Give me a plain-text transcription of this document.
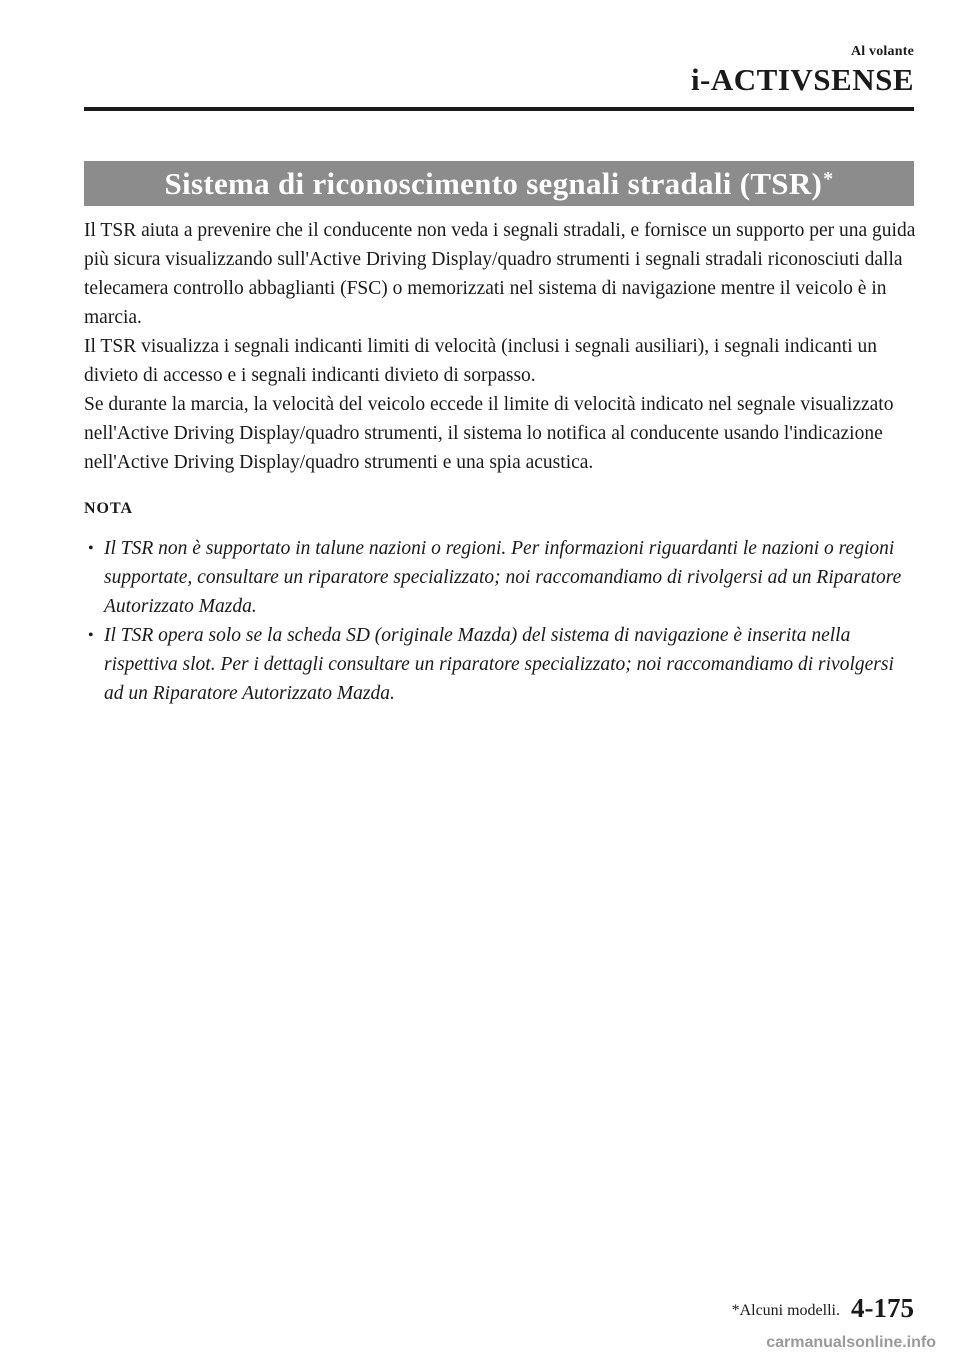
Al volante
i-ACTIVSENSE
Sistema di riconoscimento segnali stradali (TSR)*

Il TSR aiuta a prevenire che il conducente non veda i segnali stradali, e fornisce un supporto per una guida più sicura visualizzando sull'Active Driving Display/quadro strumenti i segnali stradali riconosciuti dalla telecamera controllo abbaglianti (FSC) o memorizzati nel sistema di navigazione mentre il veicolo è in marcia.

Il TSR visualizza i segnali indicanti limiti di velocità (inclusi i segnali ausiliari), i segnali indicanti un divieto di accesso e i segnali indicanti divieto di sorpasso.

Se durante la marcia, la velocità del veicolo eccede il limite di velocità indicato nel segnale visualizzato nell'Active Driving Display/quadro strumenti, il sistema lo notifica al conducente usando l'indicazione nell'Active Driving Display/quadro strumenti e una spia acustica.

NOTA
• Il TSR non è supportato in talune nazioni o regioni. Per informazioni riguardanti le nazioni o regioni supportate, consultare un riparatore specializzato; noi raccomandiamo di rivolgersi ad un Riparatore Autorizzato Mazda.
• Il TSR opera solo se la scheda SD (originale Mazda) del sistema di navigazione è inserita nella rispettiva slot. Per i dettagli consultare un riparatore specializzato; noi raccomandiamo di rivolgersi ad un Riparatore Autorizzato Mazda.
*Alcuni modelli. 4-175
carmanualsonline.info
